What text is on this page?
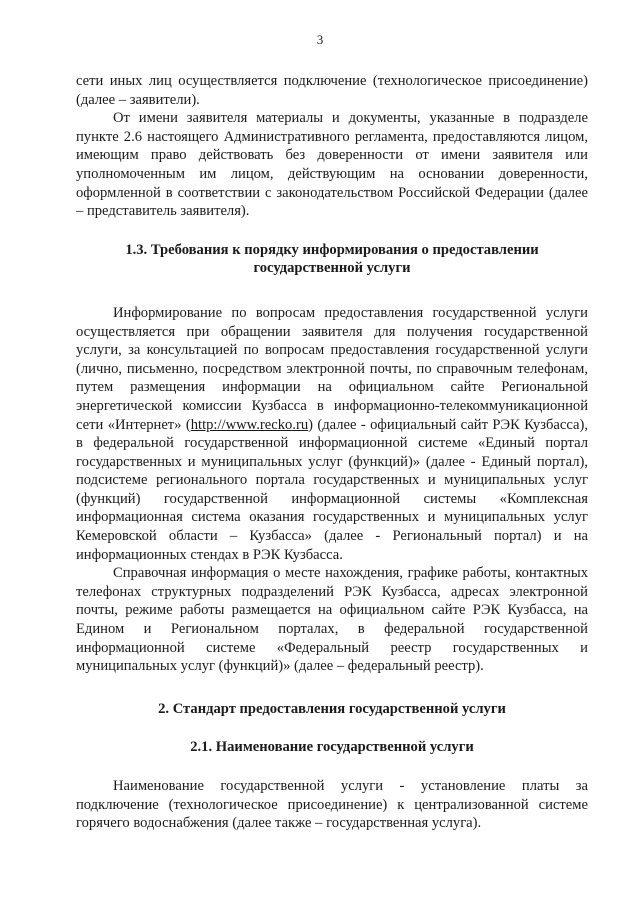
3

сети иных лиц осуществляется подключение (технологическое присоединение) (далее – заявители).

От имени заявителя материалы и документы, указанные в подразделе пункте 2.6 настоящего Административного регламента, предоставляются лицом, имеющим право действовать без доверенности от имени заявителя или уполномоченным им лицом, действующим на основании доверенности, оформленной в соответствии с законодательством Российской Федерации (далее – представитель заявителя).

1.3. Требования к порядку информирования о предоставлении государственной услуги

Информирование по вопросам предоставления государственной услуги осуществляется при обращении заявителя для получения государственной услуги, за консультацией по вопросам предоставления государственной услуги (лично, письменно, посредством электронной почты, по справочным телефонам, путем размещения информации на официальном сайте Региональной энергетической комиссии Кузбасса в информационно-телекоммуникационной сети «Интернет» (http://www.recko.ru) (далее - официальный сайт РЭК Кузбасса), в федеральной государственной информационной системе «Единый портал государственных и муниципальных услуг (функций)» (далее - Единый портал), подсистеме регионального портала государственных и муниципальных услуг (функций) государственной информационной системы «Комплексная информационная система оказания государственных и муниципальных услуг Кемеровской области – Кузбасса» (далее - Региональный портал) и на информационных стендах в РЭК Кузбасса.

Справочная информация о месте нахождения, графике работы, контактных телефонах структурных подразделений РЭК Кузбасса, адресах электронной почты, режиме работы размещается на официальном сайте РЭК Кузбасса, на Едином и Региональном порталах, в федеральной государственной информационной системе «Федеральный реестр государственных и муниципальных услуг (функций)» (далее – федеральный реестр).

2. Стандарт предоставления государственной услуги
2.1. Наименование государственной услуги

Наименование государственной услуги - установление платы за подключение (технологическое присоединение) к централизованной системе горячего водоснабжения (далее также – государственная услуга).
